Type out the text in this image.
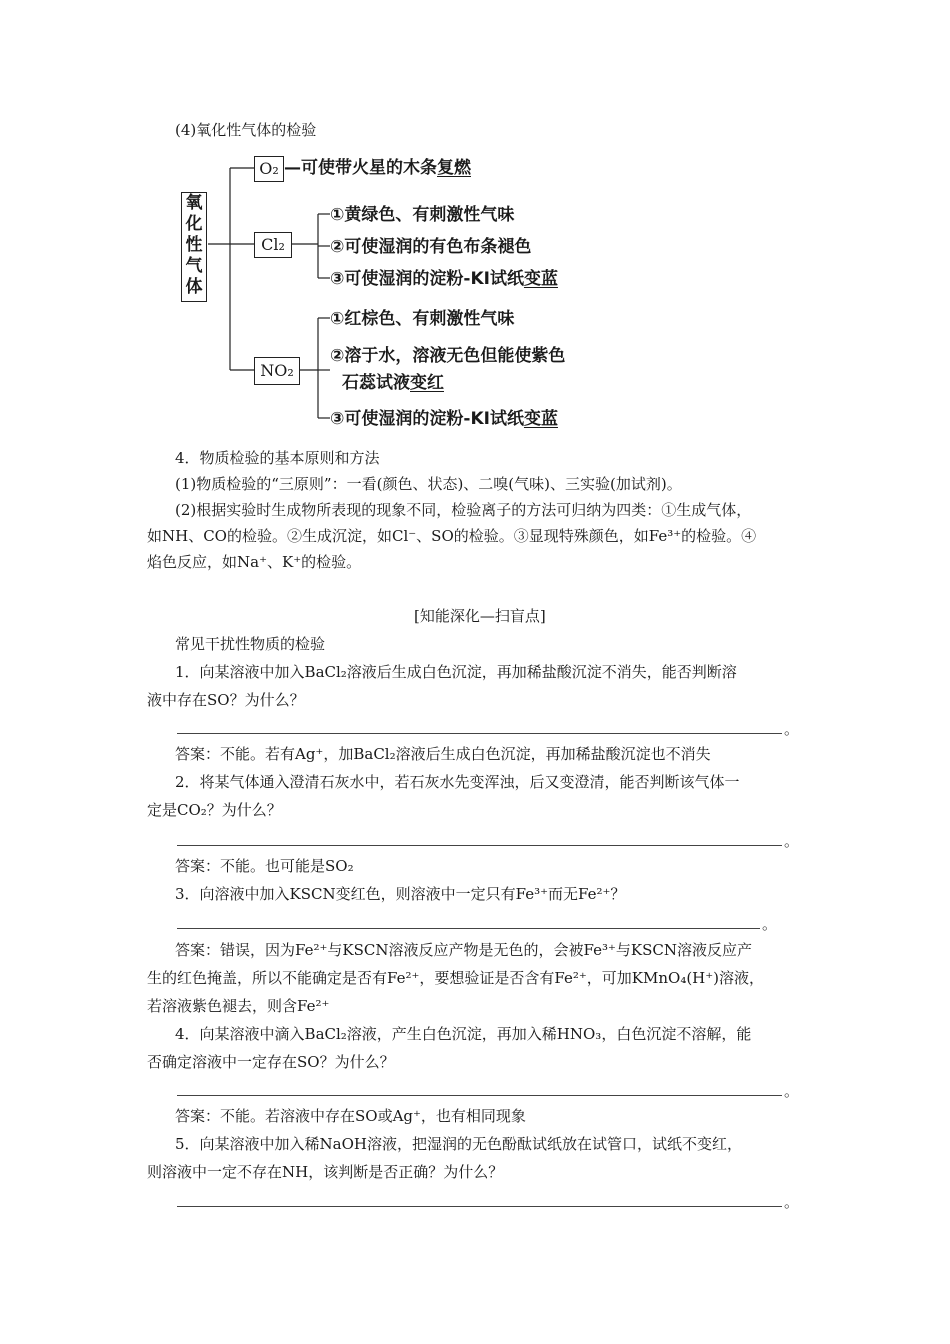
(4)氧化性气体的检验
氧
化
性
气
体
O₂ —可使带火星的木条复燃
Cl₂
①黄绿色、有刺激性气味
②可使湿润的有色布条褪色
③可使湿润的淀粉-KI试纸变蓝
NO₂
①红棕色、有刺激性气味
②溶于水，溶液无色但能使紫色
石蕊试液变红
③可使湿润的淀粉-KI试纸变蓝
4．物质检验的基本原则和方法
(1)物质检验的“三原则”：一看(颜色、状态)、二嗅(气味)、三实验(加试剂)。
(2)根据实验时生成物所表现的现象不同，检验离子的方法可归纳为四类：①生成气体，
如NH、CO的检验。②生成沉淀，如Cl⁻、SO的检验。③显现特殊颜色，如Fe³⁺的检验。④
焰色反应，如Na⁺、K⁺的检验。
[知能深化—扫盲点]
常见干扰性物质的检验
1．向某溶液中加入BaCl₂溶液后生成白色沉淀，再加稀盐酸沉淀不消失，能否判断溶
液中存在SO？为什么？
。
答案：不能。若有Ag⁺，加BaCl₂溶液后生成白色沉淀，再加稀盐酸沉淀也不消失
2．将某气体通入澄清石灰水中，若石灰水先变浑浊，后又变澄清，能否判断该气体一
定是CO₂？为什么？
。
答案：不能。也可能是SO₂
3．向溶液中加入KSCN变红色，则溶液中一定只有Fe³⁺而无Fe²⁺？
。
答案：错误，因为Fe²⁺与KSCN溶液反应产物是无色的，会被Fe³⁺与KSCN溶液反应产
生的红色掩盖，所以不能确定是否有Fe²⁺，要想验证是否含有Fe²⁺，可加KMnO₄(H⁺)溶液，
若溶液紫色褪去，则含Fe²⁺
4．向某溶液中滴入BaCl₂溶液，产生白色沉淀，再加入稀HNO₃，白色沉淀不溶解，能
否确定溶液中一定存在SO？为什么？
。
答案：不能。若溶液中存在SO或Ag⁺，也有相同现象
5．向某溶液中加入稀NaOH溶液，把湿润的无色酚酞试纸放在试管口，试纸不变红，
则溶液中一定不存在NH，该判断是否正确？为什么？
。
